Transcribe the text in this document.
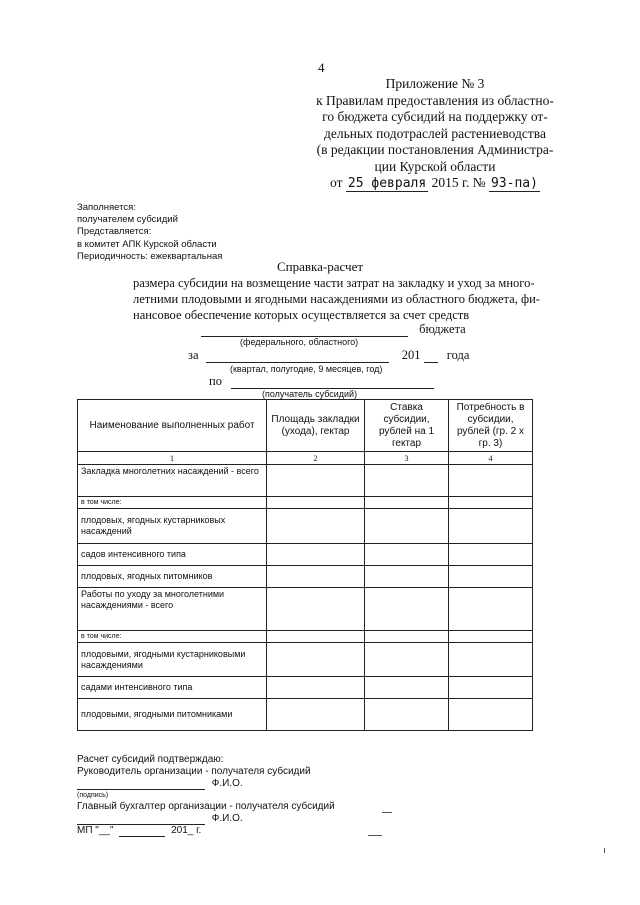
4
Приложение № 3
к Правилам предоставления из областно-
го бюджета субсидий на поддержку от-
дельных подотраслей растениеводства
(в редакции постановления Администра-
ции Курской области
от 25 февраля 2015 г. № 93-па)
Заполняется:
получателем субсидий
Представляется:
в комитет АПК Курской области
Периодичность: ежеквартальная
Справка-расчет
размера субсидии на возмещение части затрат на закладку и уход за много-
летними плодовыми и ягодными насаждениями из областного бюджета, фи-
нансовое обеспечение которых осуществляется за счет средств
бюджета
(федерального, областного)
за	201 года
(квартал, полугодие, 9 месяцев, год)
по
(получатель субсидий)
Наименование выполненных работ	Площадь закладки (ухода), гектар	Ставка субсидии, рублей на 1 гектар	Потребность в субсидии, рублей (гр. 2 х гр. 3)
1	2	3	4
Закладка многолетних насаждений - всего			
в том числе:			
плодовых, ягодных кустарниковых насаждений			
садов интенсивного типа			
плодовых, ягодных питомников			
Работы по уходу за многолетними насаждениями - всего			
в том числе:			
плодовыми, ягодными кустарниковыми насаждениями			
садами интенсивного типа			
плодовыми, ягодными питомниками			
Расчет субсидий подтверждаю:
Руководитель организации - получателя субсидий
Ф.И.О.
(подпись)
Главный бухгалтер организации - получателя субсидий
Ф.И.О.
МП "__"	201_ г.
